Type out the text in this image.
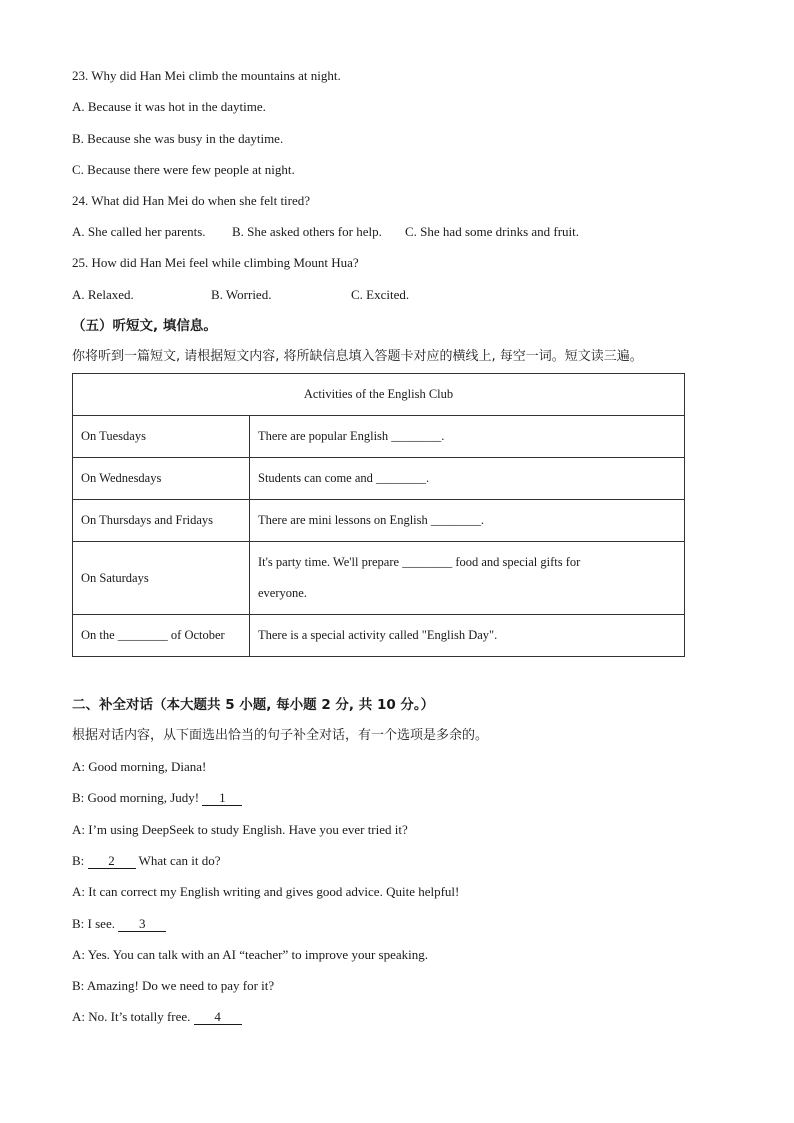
23. Why did Han Mei climb the mountains at night.
A. Because it was hot in the daytime.
B. Because she was busy in the daytime.
C. Because there were few people at night.
24. What did Han Mei do when she felt tired?
A. She called her parents. B. She asked others for help. C. She had some drinks and fruit.
25. How did Han Mei feel while climbing Mount Hua?
A. Relaxed.	B. Worried.	C. Excited.
（五）听短文, 填信息。
你将听到一篇短文, 请根据短文内容, 将所缺信息填入答题卡对应的横线上, 每空一词。短文读三遍。
Activities of the English Club	
On Tuesdays	There are popular English ________.
On Wednesdays	Students can come and ________.
On Thursdays and Fridays	There are mini lessons on English ________.
On Saturdays	It's party time. We'll prepare ________ food and special gifts for
everyone.

On the ________ of October	There is a special activity called "English Day".
二、补全对话（本大题共 5 小题, 每小题 2 分, 共 10 分。）
根据对话内容，从下面选出恰当的句子补全对话，有一个选项是多余的。
A: Good morning, Diana!
B: Good morning, Judy! 1
A: I’m using DeepSeek to study English. Have you ever tried it?
B: 2 What can it do?
A: It can correct my English writing and gives good advice. Quite helpful!
B: I see. 3
A: Yes. You can talk with an AI “teacher” to improve your speaking.
B: Amazing! Do we need to pay for it?
A: No. It’s totally free. 4
